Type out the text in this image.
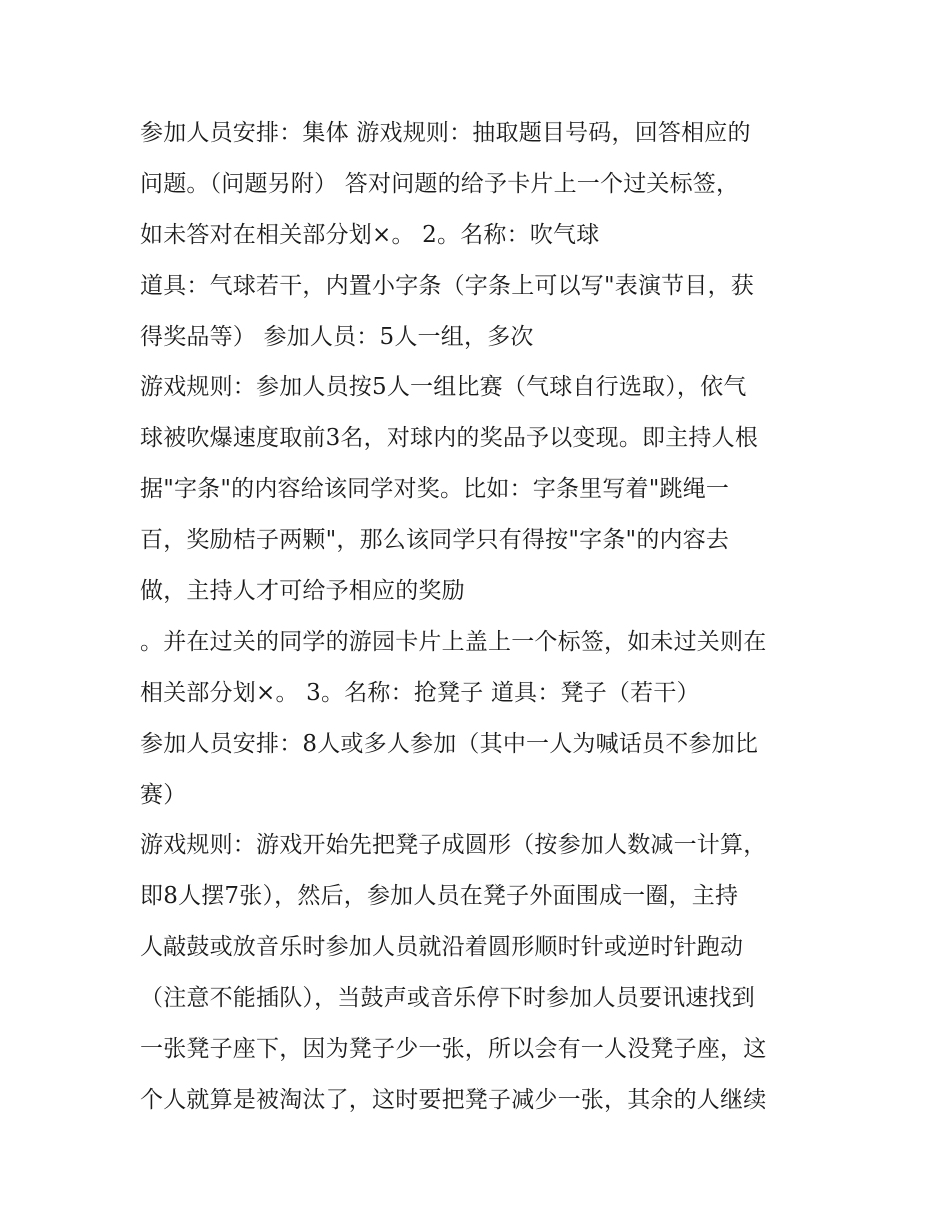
参加人员安排：集体 游戏规则：抽取题目号码，回答相应的
问题。（问题另附） 答对问题的给予卡片上一个过关标签，
如未答对在相关部分划×。 2。名称：吹气球
道具：气球若干，内置小字条（字条上可以写"表演节目，获
得奖品等） 参加人员：5人一组，多次
游戏规则：参加人员按5人一组比赛（气球自行选取），依气
球被吹爆速度取前3名，对球内的奖品予以变现。即主持人根
据"字条"的内容给该同学对奖。比如：字条里写着"跳绳一
百，奖励桔子两颗"，那么该同学只有得按"字条"的内容去
做，主持人才可给予相应的奖励
。并在过关的同学的游园卡片上盖上一个标签，如未过关则在
相关部分划×。 3。名称：抢凳子 道具：凳子（若干）
参加人员安排：8人或多人参加（其中一人为喊话员不参加比
赛）
游戏规则：游戏开始先把凳子成圆形（按参加人数减一计算，
即8人摆7张），然后，参加人员在凳子外面围成一圈，主持
人敲鼓或放音乐时参加人员就沿着圆形顺时针或逆时针跑动
（注意不能插队），当鼓声或音乐停下时参加人员要讯速找到
一张凳子座下，因为凳子少一张，所以会有一人没凳子座，这
个人就算是被淘汰了，这时要把凳子减少一张，其余的人继续
